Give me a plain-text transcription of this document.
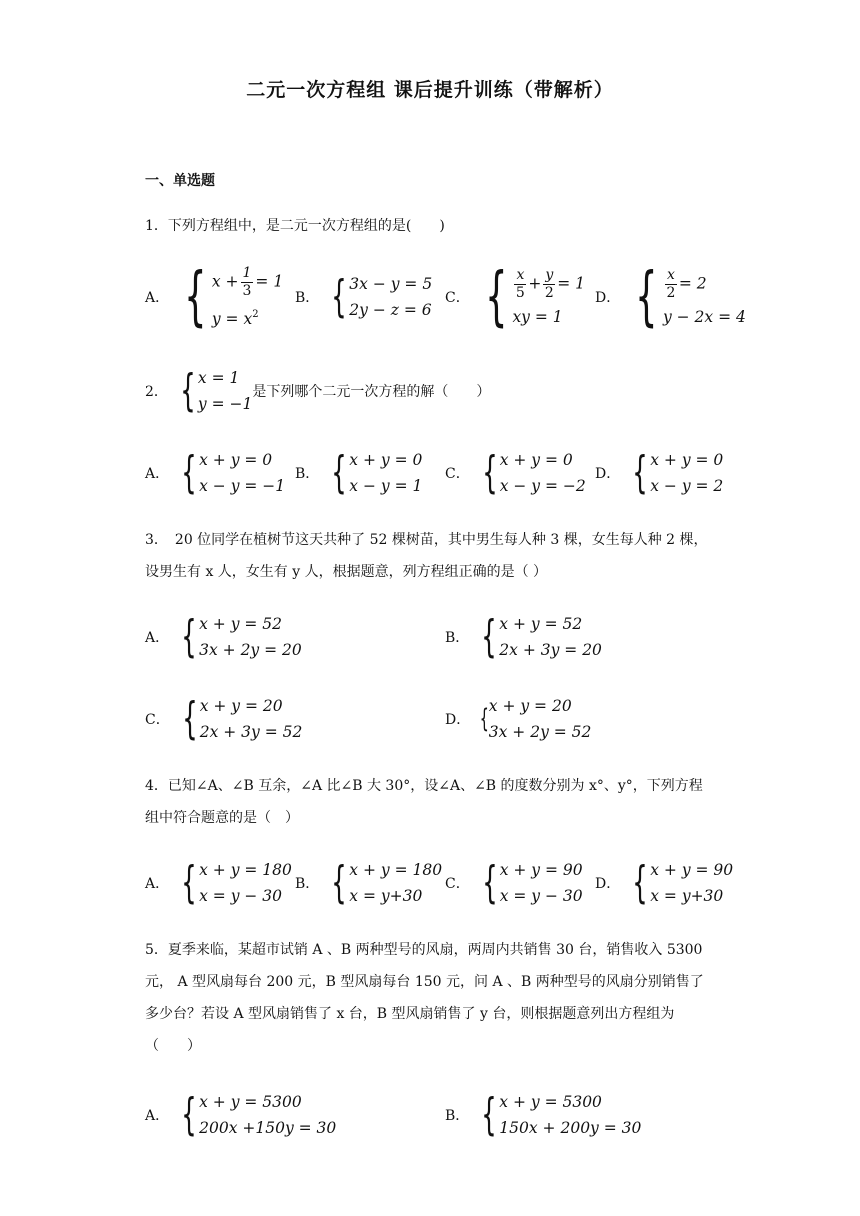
二元一次方程组 课后提升训练（带解析）
一、单选题
1．下列方程组中，是二元一次方程组的是(　　)
A． { $x + \frac{1}{3} = 1$
$y = x^2$
B． { 3x − y = 5
2y − z = 6
C． { $\frac{x}{5} + \frac{y}{2} = 1$
xy = 1
D． { $\frac{x}{2} = 2$
y − 2x = 4
2． { x = 1
y = −1
是下列哪个二元一次方程的解（　　）
A． { x + y = 0
x − y = −1
B． { x + y = 0
x − y = 1
C． { x + y = 0
x − y = −2
D． { x + y = 0
x − y = 2
3．　20 位同学在植树节这天共种了 52 棵树苗，其中男生每人种 3 棵，女生每人种 2 棵，设男生有 x 人，女生有 y 人，根据题意，列方程组正确的是（ ）
A． { x + y = 52
3x + 2y = 20
B． { x + y = 52
2x + 3y = 20
C． { x + y = 20
2x + 3y = 52
D． { x + y = 20
3x + 2y = 52
4．已知∠A、∠B 互余，∠A 比∠B 大 30°，设∠A、∠B 的度数分别为 x°、y°，下列方程组中符合题意的是（　）
A． { x + y = 180
x = y − 30
B． { x + y = 180
x = y+30
C． { x + y = 90
x = y − 30
D． { x + y = 90
x = y+30
5．夏季来临，某超市试销 A 、B 两种型号的风扇，两周内共销售 30 台，销售收入 5300 元， A 型风扇每台 200 元，B 型风扇每台 150 元，问 A 、B 两种型号的风扇分别销售了多少台？若设 A 型风扇销售了 x 台，B 型风扇销售了 y 台，则根据题意列出方程组为（　　）
A． { x + y = 5300
200x +150y = 30
B． { x + y = 5300
150x + 200y = 30
